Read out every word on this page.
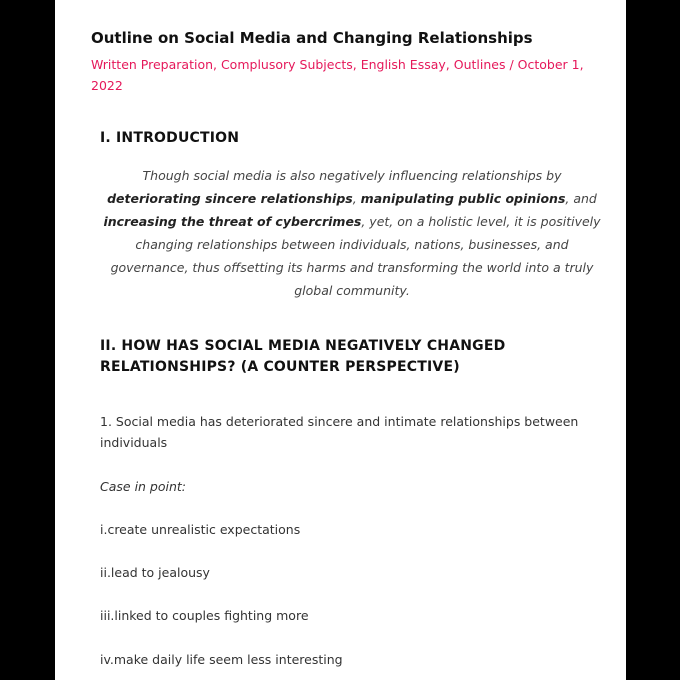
Outline on Social Media and Changing Relationships

Written Preparation, Complusory Subjects, English Essay, Outlines / October 1, 2022

I. INTRODUCTION

Though social media is also negatively influencing relationships by deteriorating sincere relationships, manipulating public opinions, and increasing the threat of cybercrimes, yet, on a holistic level, it is positively changing relationships between individuals, nations, businesses, and governance, thus offsetting its harms and transforming the world into a truly global community.

II. HOW HAS SOCIAL MEDIA NEGATIVELY CHANGED RELATIONSHIPS? (A COUNTER PERSPECTIVE)

1. Social media has deteriorated sincere and intimate relationships between individuals

Case in point:

i.create unrealistic expectations

ii.lead to jealousy

iii.linked to couples fighting more

iv.make daily life seem less interesting
